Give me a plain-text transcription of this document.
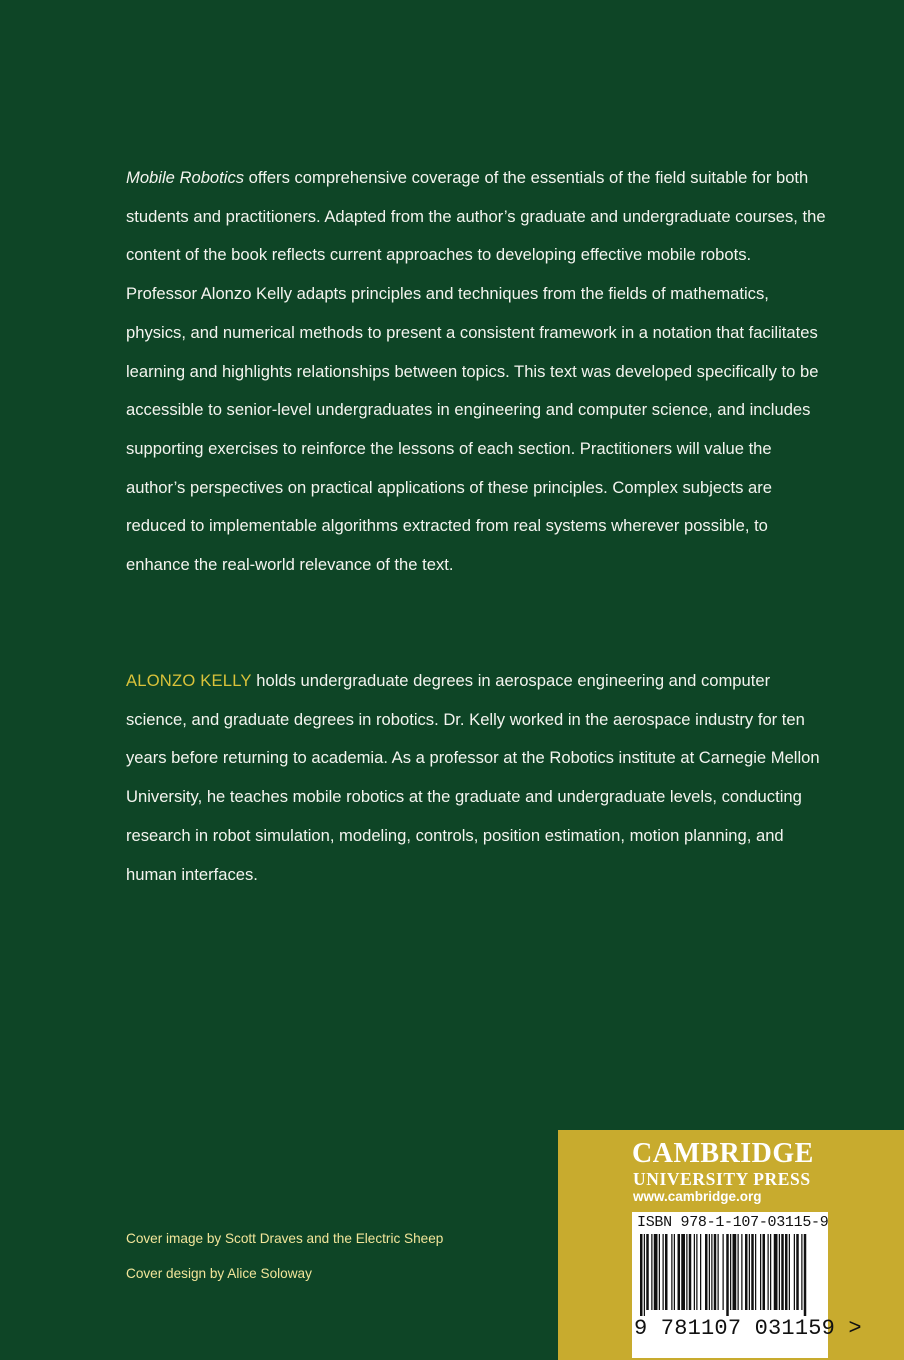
Mobile Robotics offers comprehensive coverage of the essentials of the field suitable for both students and practitioners. Adapted from the author’s graduate and undergraduate courses, the content of the book reflects current approaches to developing effective mobile robots. Professor Alonzo Kelly adapts principles and techniques from the fields of mathematics, physics, and numerical methods to present a consistent framework in a notation that facilitates learning and highlights relationships between topics. This text was developed specifically to be accessible to senior-level undergraduates in engineering and computer science, and includes supporting exercises to reinforce the lessons of each section. Practitioners will value the author’s perspectives on practical applications of these principles. Complex subjects are reduced to implementable algorithms extracted from real systems wherever possible, to enhance the real-world relevance of the text.
ALONZO KELLY holds undergraduate degrees in aerospace engineering and computer science, and graduate degrees in robotics. Dr. Kelly worked in the aerospace industry for ten years before returning to academia. As a professor at the Robotics institute at Carnegie Mellon University, he teaches mobile robotics at the graduate and undergraduate levels, conducting research in robot simulation, modeling, controls, position estimation, motion planning, and human interfaces.
Cover image by Scott Draves and the Electric Sheep
Cover design by Alice Soloway
CAMBRIDGE
UNIVERSITY PRESS
www.cambridge.org
ISBN 978-1-107-03115-9
9 781107 031159 >
